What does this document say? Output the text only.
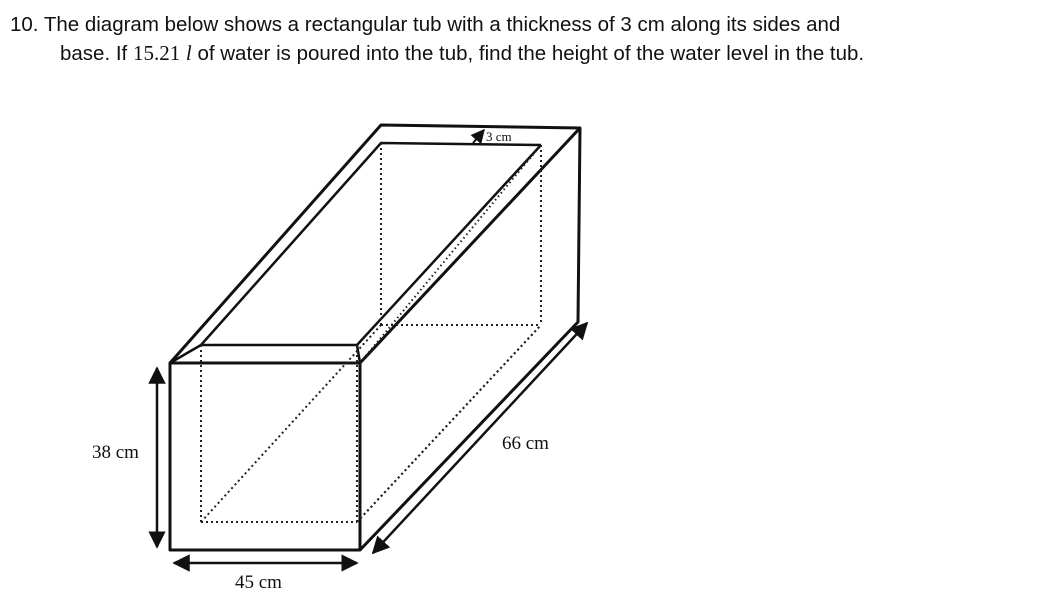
10. The diagram below shows a rectangular tub with a thickness of 3 cm along its sides and
base. If 15.21 l of water is poured into the tub, find the height of the water level in the tub.
38 cm
45 cm
66 cm
3 cm
